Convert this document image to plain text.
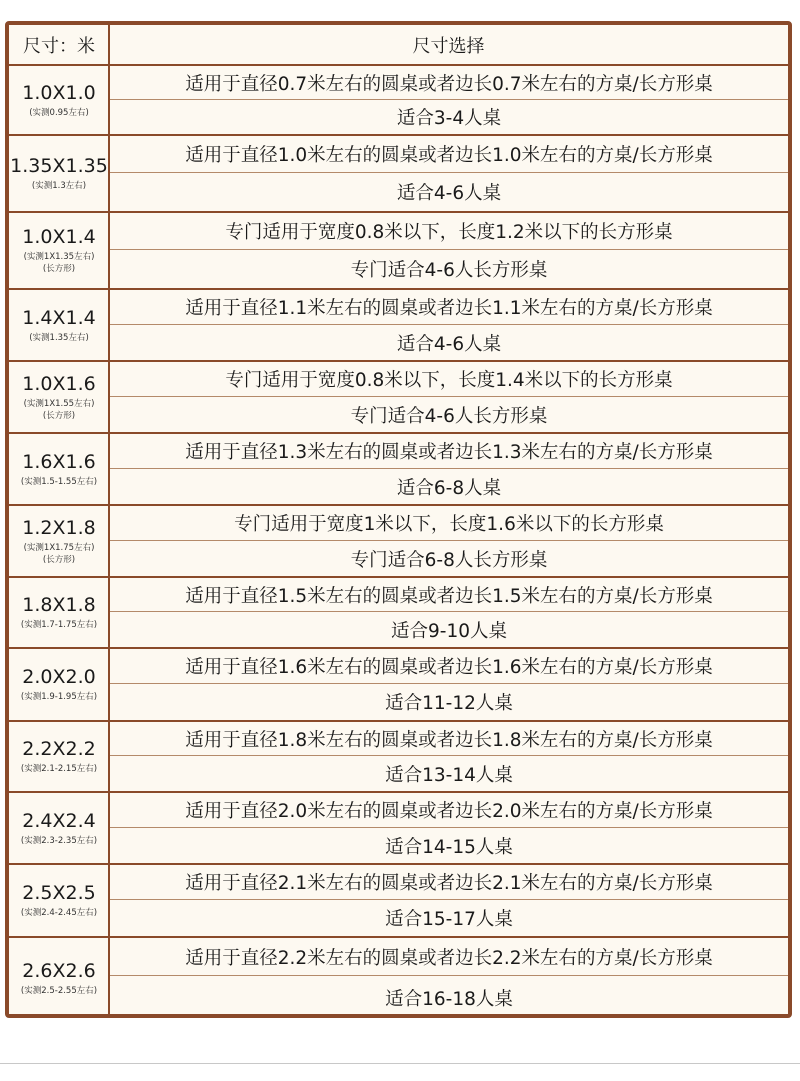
尺寸：米	尺寸选择
1.0X1.0
(实测0.95左右)
适用于直径0.7米左右的圆桌或者边长0.7米左右的方桌/长方形桌
适合3-4人桌
1.35X1.35
(实测1.3左右)
适用于直径1.0米左右的圆桌或者边长1.0米左右的方桌/长方形桌
适合4-6人桌
1.0X1.4
(实测1X1.35左右)
(长方形)
专门适用于宽度0.8米以下，长度1.2米以下的长方形桌
专门适合4-6人长方形桌
1.4X1.4
(实测1.35左右)
适用于直径1.1米左右的圆桌或者边长1.1米左右的方桌/长方形桌
适合4-6人桌
1.0X1.6
(实测1X1.55左右)
(长方形)
专门适用于宽度0.8米以下，长度1.4米以下的长方形桌
专门适合4-6人长方形桌
1.6X1.6
(实测1.5-1.55左右)
适用于直径1.3米左右的圆桌或者边长1.3米左右的方桌/长方形桌
适合6-8人桌
1.2X1.8
(实测1X1.75左右)
(长方形)
专门适用于宽度1米以下，长度1.6米以下的长方形桌
专门适合6-8人长方形桌
1.8X1.8
(实测1.7-1.75左右)
适用于直径1.5米左右的圆桌或者边长1.5米左右的方桌/长方形桌
适合9-10人桌
2.0X2.0
(实测1.9-1.95左右)
适用于直径1.6米左右的圆桌或者边长1.6米左右的方桌/长方形桌
适合11-12人桌
2.2X2.2
(实测2.1-2.15左右)
适用于直径1.8米左右的圆桌或者边长1.8米左右的方桌/长方形桌
适合13-14人桌
2.4X2.4
(实测2.3-2.35左右)
适用于直径2.0米左右的圆桌或者边长2.0米左右的方桌/长方形桌
适合14-15人桌
2.5X2.5
(实测2.4-2.45左右)
适用于直径2.1米左右的圆桌或者边长2.1米左右的方桌/长方形桌
适合15-17人桌
2.6X2.6
(实测2.5-2.55左右)
适用于直径2.2米左右的圆桌或者边长2.2米左右的方桌/长方形桌
适合16-18人桌
